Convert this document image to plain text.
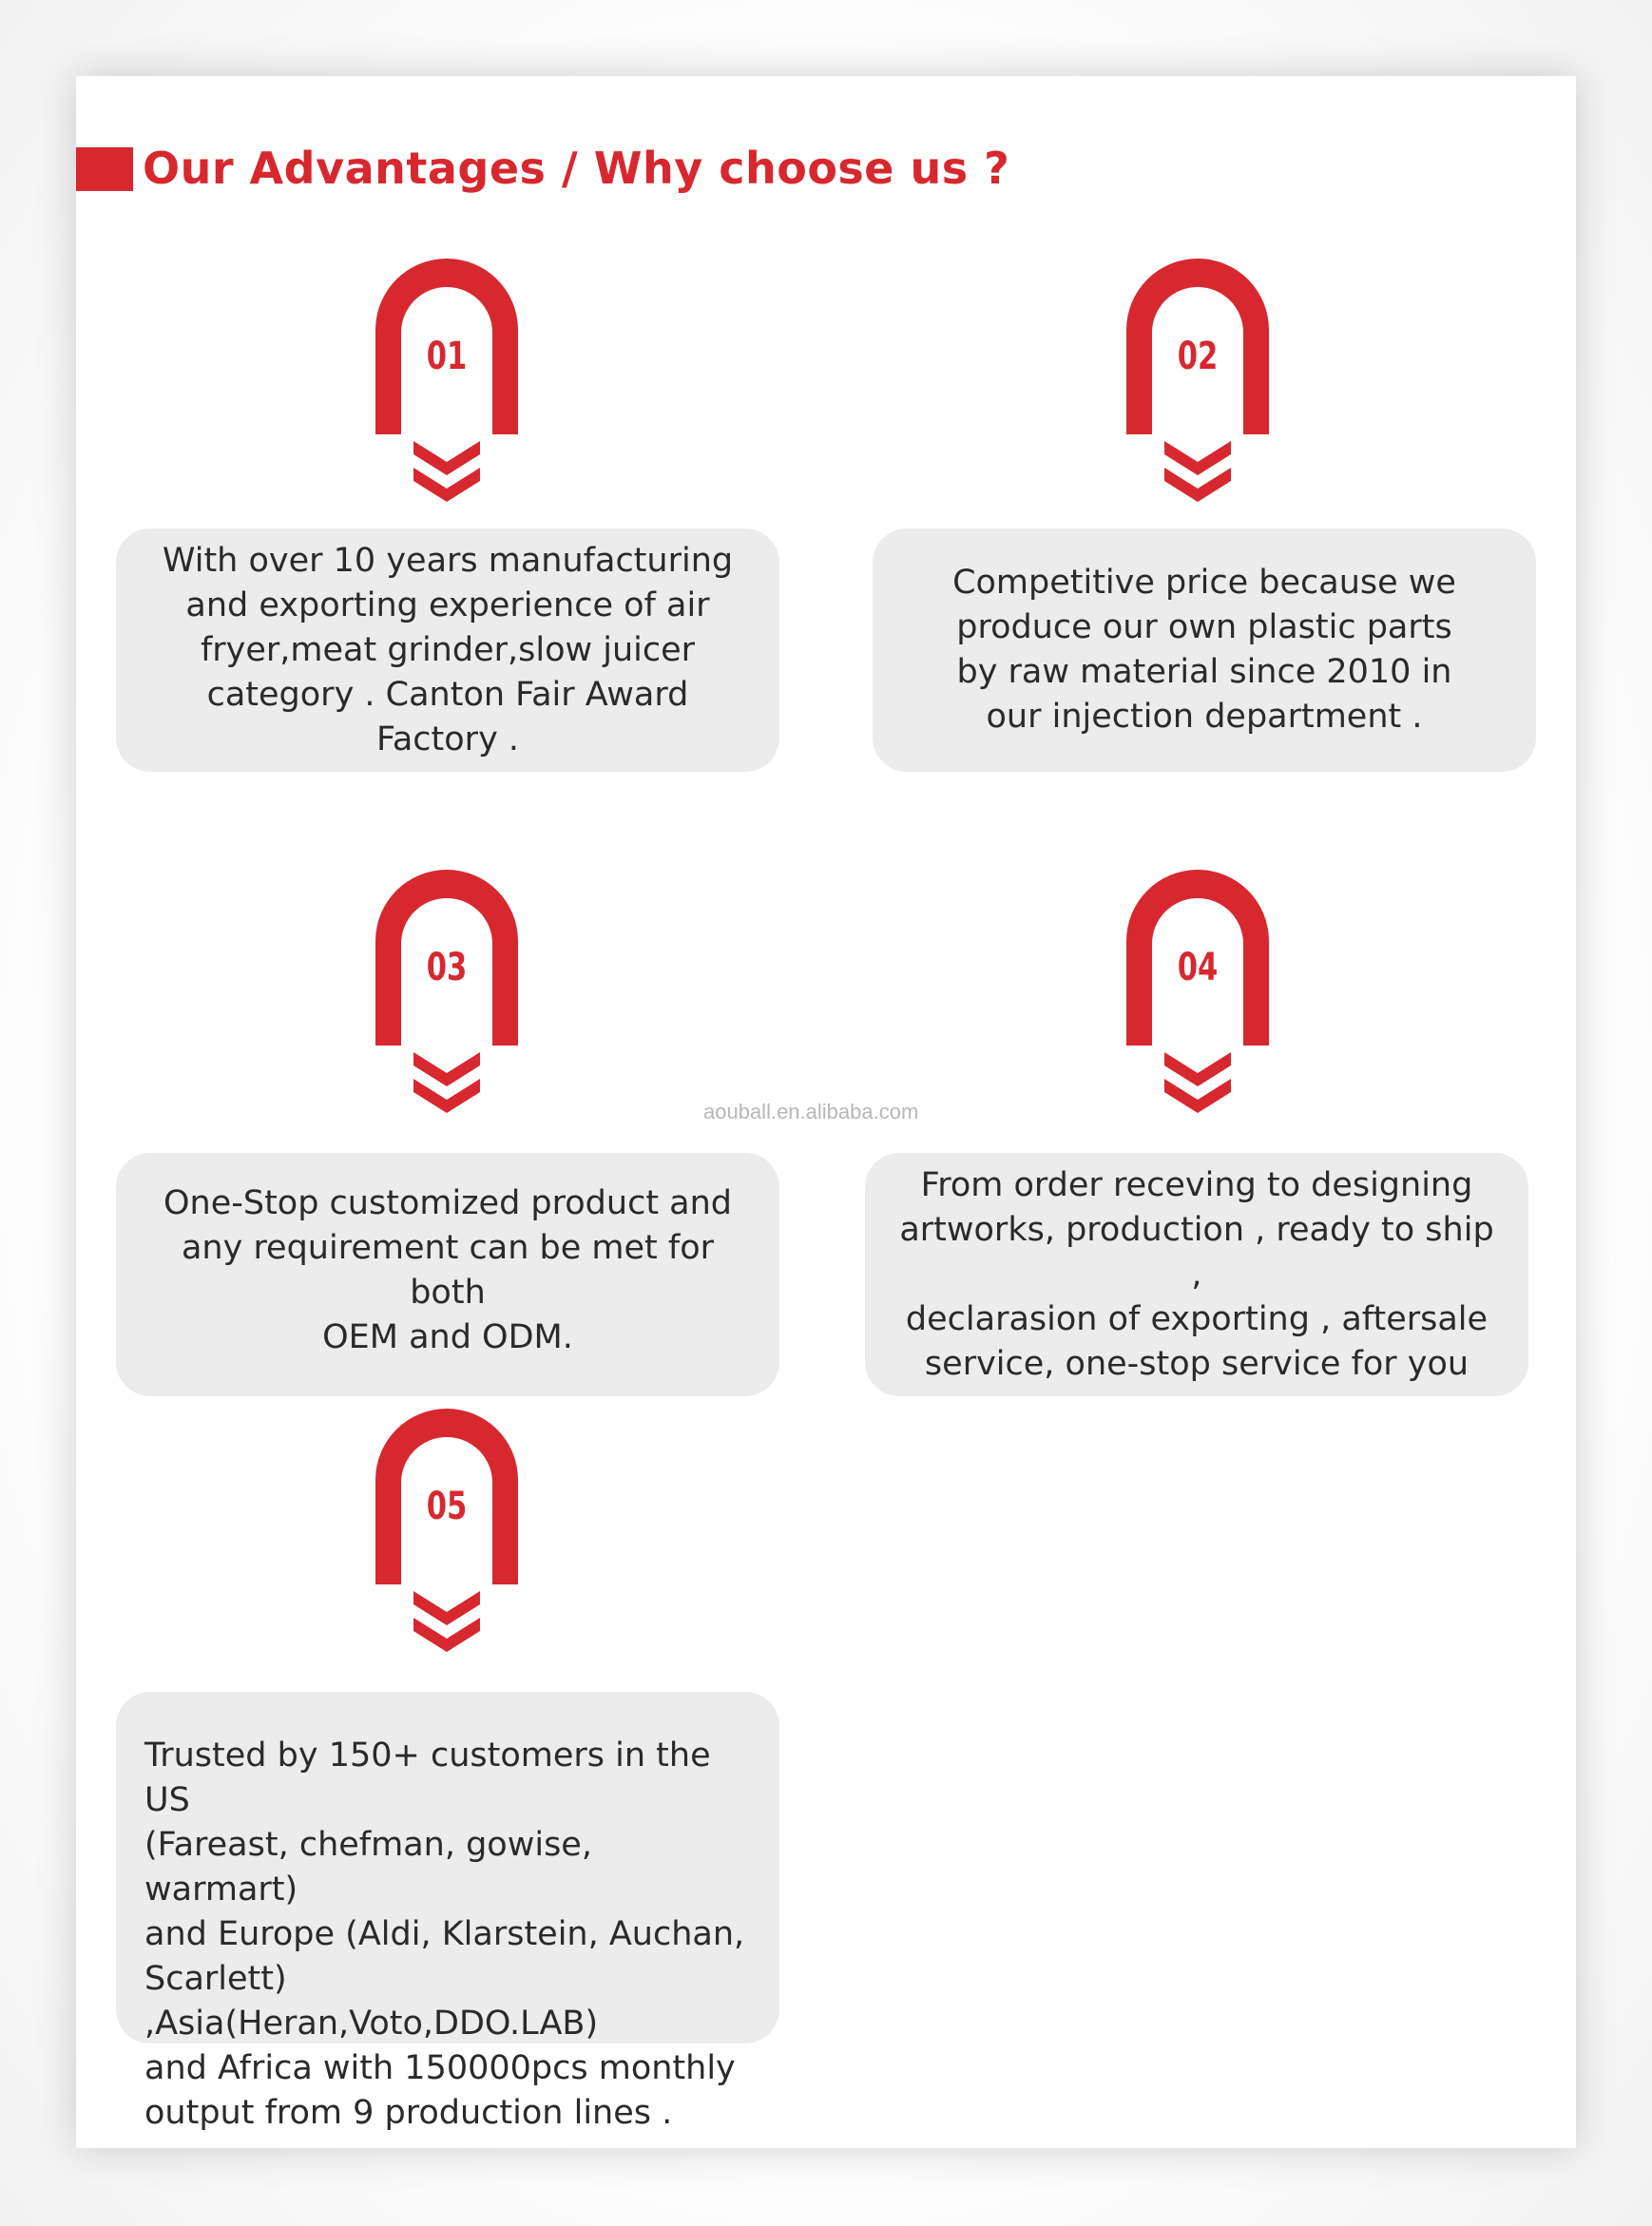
Our Advantages / Why choose us ?
01
With over 10 years manufacturing
and exporting experience of air
fryer,meat grinder,slow juicer
category . Canton Fair Award
Factory .
02
Competitive price because we
produce our own plastic parts
by raw material since 2010 in
our injection department .
03
One-Stop customized product and
any requirement can be met for both
OEM and ODM.
04
From order receving to designing
artworks, production , ready to ship ,
declarasion of exporting , aftersale
service, one-stop service for you
aouball.en.alibaba.com
05
Trusted by 150+ customers in the US
(Fareast, chefman, gowise, warmart)
and Europe (Aldi, Klarstein, Auchan,
Scarlett) ,Asia(Heran,Voto,DDO.LAB)
and Africa with 150000pcs monthly
output from 9 production lines .
